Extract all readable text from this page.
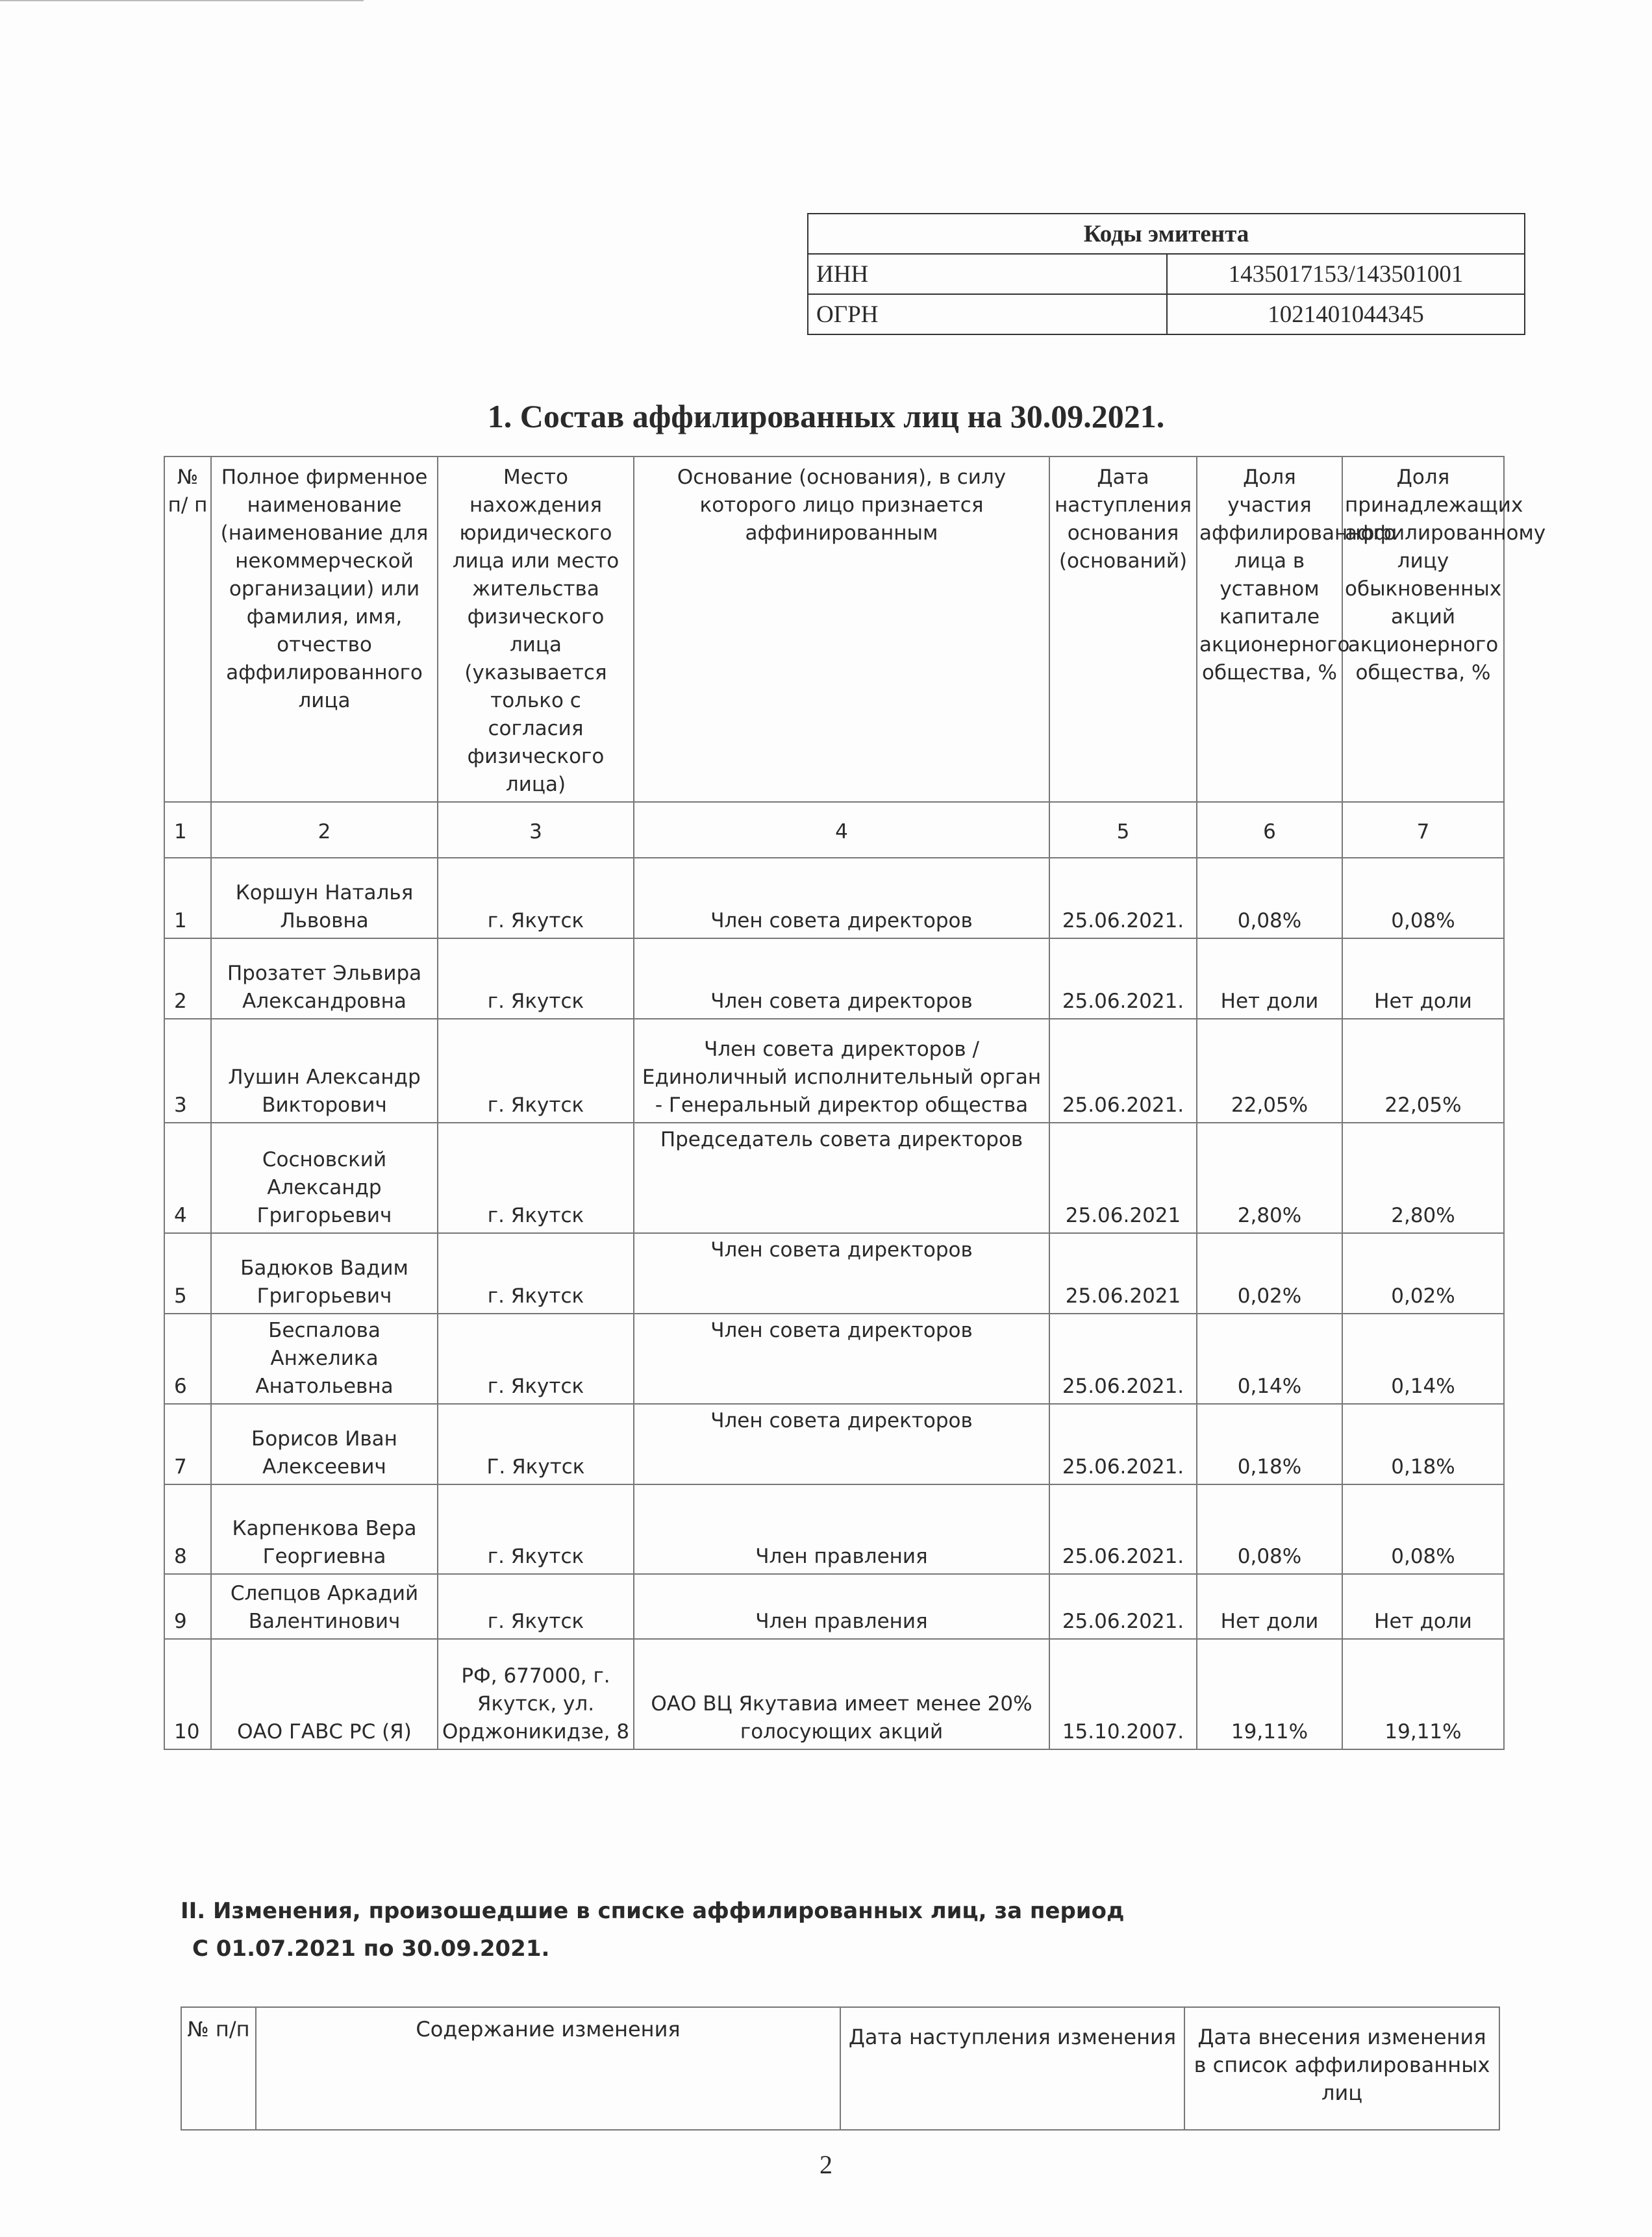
Коды эмитента	
ИНН	1435017153/143501001
ОГРН	1021401044345
1. Состав аффилированных лиц на 30.09.2021.
№ п/ п	Полное фирменное наименование (наименование для некоммерческой организации) или фамилия, имя, отчество аффилированного лица	Место нахождения юридического лица или место жительства физического лица (указывается только с согласия физического лица)	Основание (основания), в силу которого лицо признается аффинированным	Дата наступления основания (оснований)	Доля участия аффилированного лица в уставном капитале акционерного общества, %	Доля принадлежащих аффилированному лицу обыкновенных акций акционерного общества, %
1	2	3	4	5	6	7
1	Коршун Наталья Львовна	г. Якутск	Член совета директоров	25.06.2021.	0,08%	0,08%
2	Прозатет Эльвира Александровна	г. Якутск	Член совета директоров	25.06.2021.	Нет доли	Нет доли
3	Лушин Александр Викторович	г. Якутск	Член совета директоров / Единоличный исполнительный орган - Генеральный директор общества	25.06.2021.	22,05%	22,05%
4	Сосновский Александр Григорьевич	г. Якутск	Председатель совета директоров	25.06.2021	2,80%	2,80%
5	Бадюков Вадим Григорьевич	г. Якутск	Член совета директоров	25.06.2021	0,02%	0,02%
6	Беспалова Анжелика Анатольевна	г. Якутск	Член совета директоров	25.06.2021.	0,14%	0,14%
7	Борисов Иван Алексеевич	Г. Якутск	Член совета директоров	25.06.2021.	0,18%	0,18%
8	Карпенкова Вера Георгиевна	г. Якутск	Член правления	25.06.2021.	0,08%	0,08%
9	Слепцов Аркадий Валентинович	г. Якутск	Член правления	25.06.2021.	Нет доли	Нет доли
10	ОАО ГАВС РС (Я)	РФ, 677000, г. Якутск, ул. Орджоникидзе, 8	ОАО ВЦ Якутавиа имеет менее 20% голосующих акций	15.10.2007.	19,11%	19,11%
II. Изменения, произошедшие в списке аффилированных лиц, за период
С 01.07.2021 по 30.09.2021.
№ п/п	Содержание изменения	Дата наступления изменения	Дата внесения изменения в список аффилированных лиц
2
